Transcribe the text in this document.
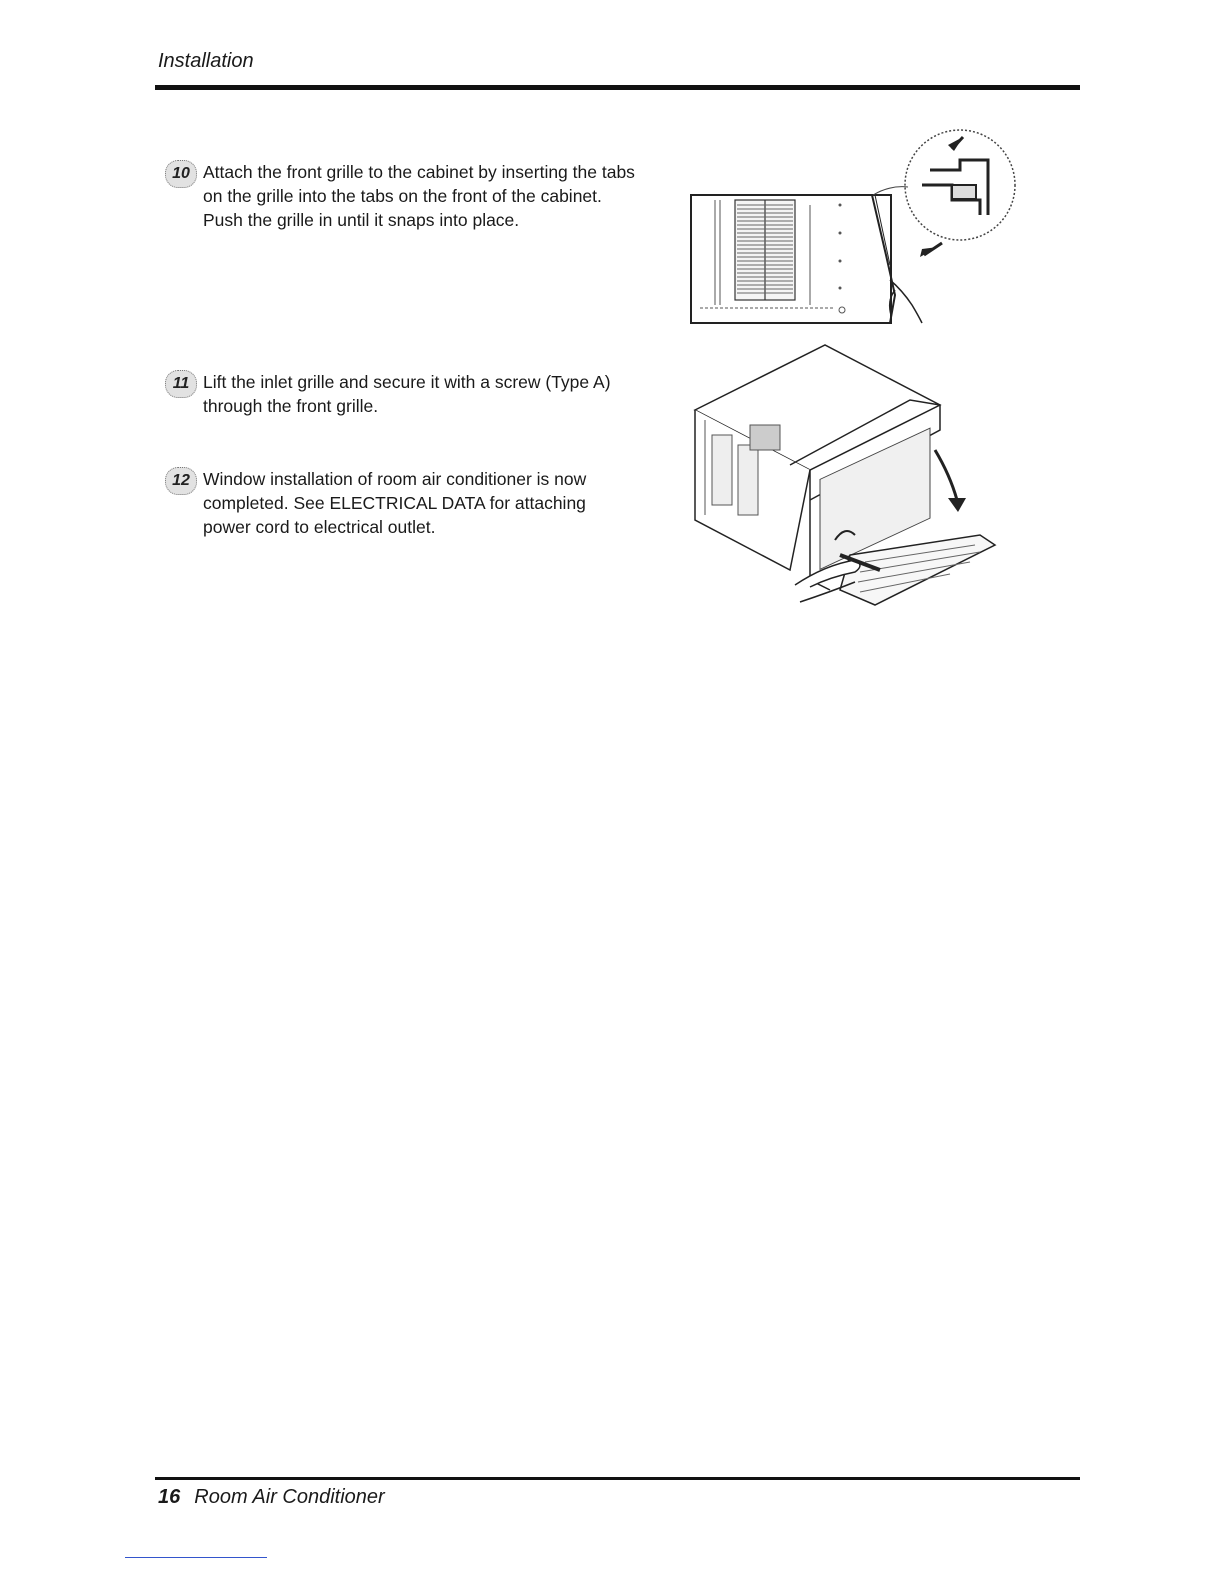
Installation
10 Attach the front grille to the cabinet by inserting the tabs on the grille into the tabs on the front of the cabinet. Push the grille in until it snaps into place.
11 Lift the inlet grille and secure it with a screw (Type A) through the front grille.
12 Window installation of room air conditioner is now completed. See ELECTRICAL DATA for attaching power cord to electrical outlet.
16 Room Air Conditioner
